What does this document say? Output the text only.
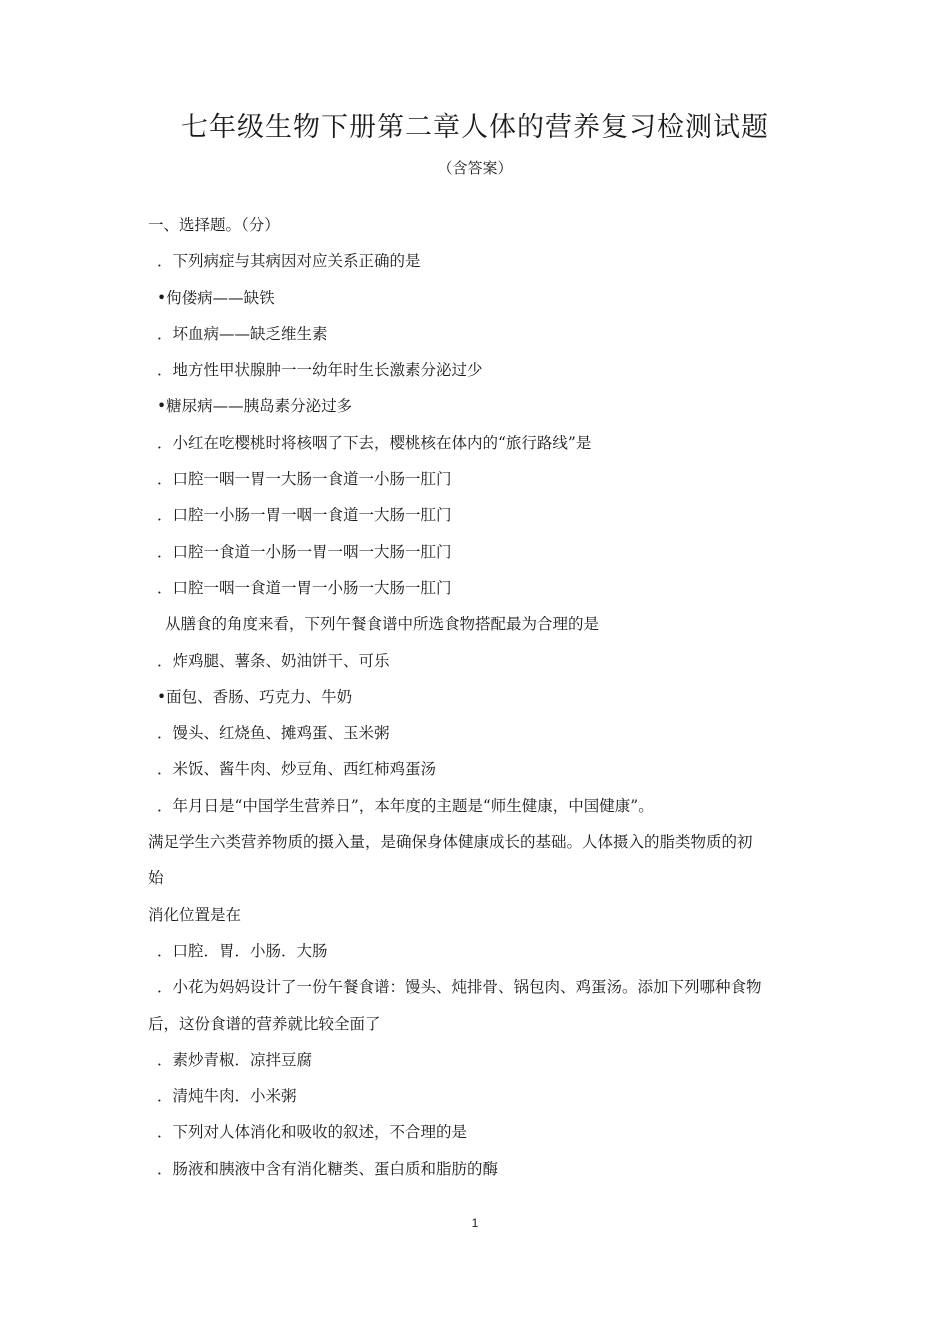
七年级生物下册第二章人体的营养复习检测试题
（含答案）
一、选择题。（分）
．下列病症与其病因对应关系正确的是
•佝偻病——缺铁
．坏血病——缺乏维生素
．地方性甲状腺肿一一幼年时生长激素分泌过少
•糖尿病——胰岛素分泌过多
．小红在吃樱桃时将核咽了下去，樱桃核在体内的“旅行路线”是
．口腔一咽一胃一大肠一食道一小肠一肛门
．口腔一小肠一胃一咽一食道一大肠一肛门
．口腔一食道一小肠一胃一咽一大肠一肛门
．口腔一咽一食道一胃一小肠一大肠一肛门
从膳食的角度来看，下列午餐食谱中所选食物搭配最为合理的是
．炸鸡腿、薯条、奶油饼干、可乐
•面包、香肠、巧克力、牛奶
．馒头、红烧鱼、摊鸡蛋、玉米粥
．米饭、酱牛肉、炒豆角、西红柿鸡蛋汤
．年月日是“中国学生营养日”，本年度的主题是“师生健康，中国健康”。
满足学生六类营养物质的摄入量，是确保身体健康成长的基础。人体摄入的脂类物质的初
始
消化位置是在
．口腔．胃．小肠．大肠
．小花为妈妈设计了一份午餐食谱：馒头、炖排骨、锅包肉、鸡蛋汤。添加下列哪种食物
后，这份食谱的营养就比较全面了
．素炒青椒．凉拌豆腐
．清炖牛肉．小米粥
．下列对人体消化和吸收的叙述，不合理的是
．肠液和胰液中含有消化糖类、蛋白质和脂肪的酶
1
